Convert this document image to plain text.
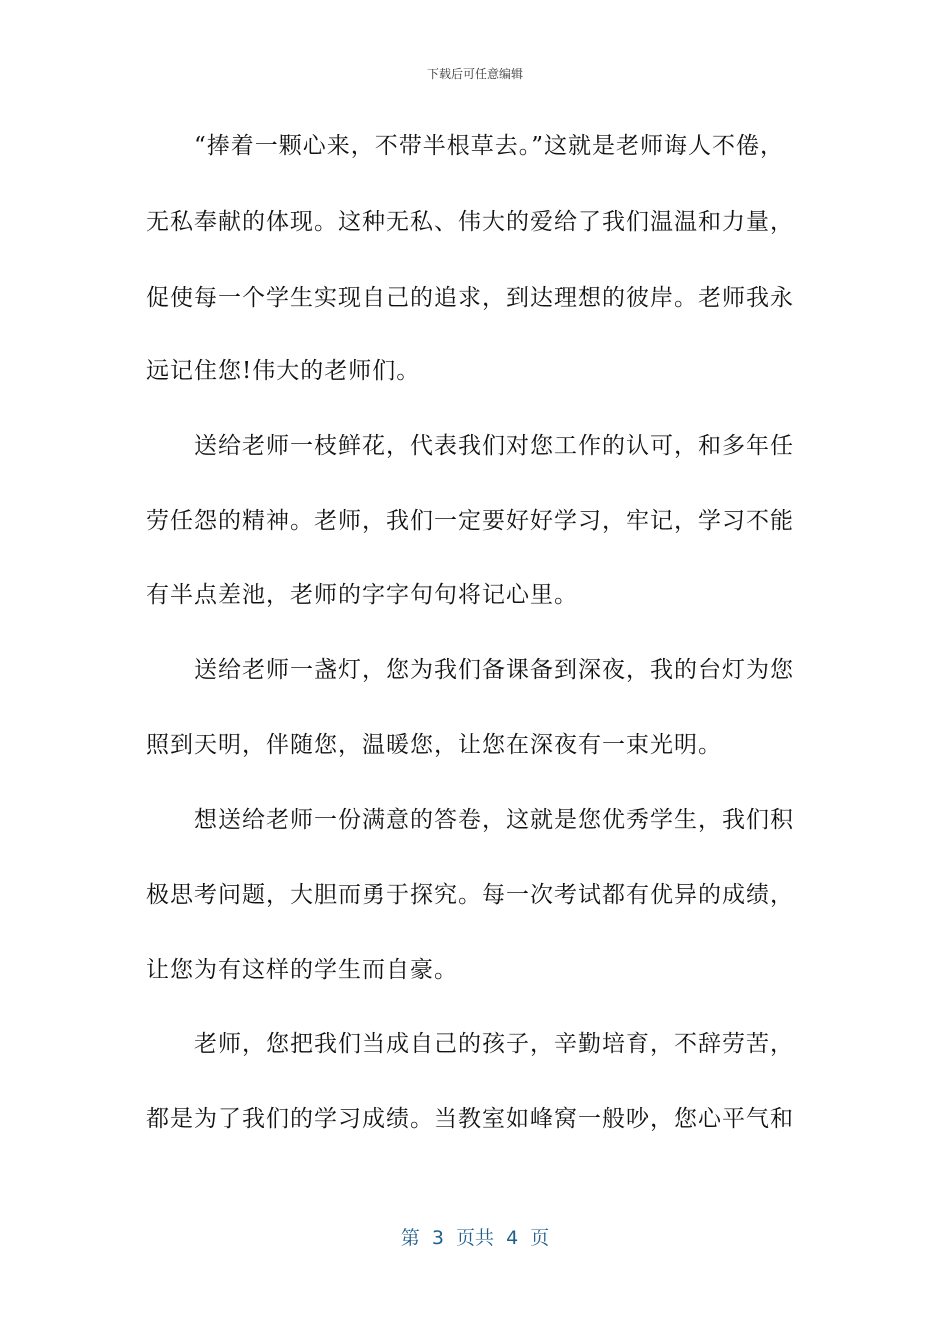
下载后可任意编辑
“捧着一颗心来，不带半根草去。”这就是老师诲人不倦，
无私奉献的体现。这种无私、伟大的爱给了我们温温和力量，
促使每一个学生实现自己的追求，到达理想的彼岸。老师我永
远记住您!伟大的老师们。
送给老师一枝鲜花，代表我们对您工作的认可，和多年任
劳任怨的精神。老师，我们一定要好好学习，牢记，学习不能
有半点差池，老师的字字句句将记心里。
送给老师一盏灯，您为我们备课备到深夜，我的台灯为您
照到天明，伴随您，温暖您，让您在深夜有一束光明。
想送给老师一份满意的答卷，这就是您优秀学生，我们积
极思考问题，大胆而勇于探究。每一次考试都有优异的成绩，
让您为有这样的学生而自豪。
老师，您把我们当成自己的孩子，辛勤培育，不辞劳苦，
都是为了我们的学习成绩。当教室如峰窝一般吵，您心平气和
第  3  页共  4  页
